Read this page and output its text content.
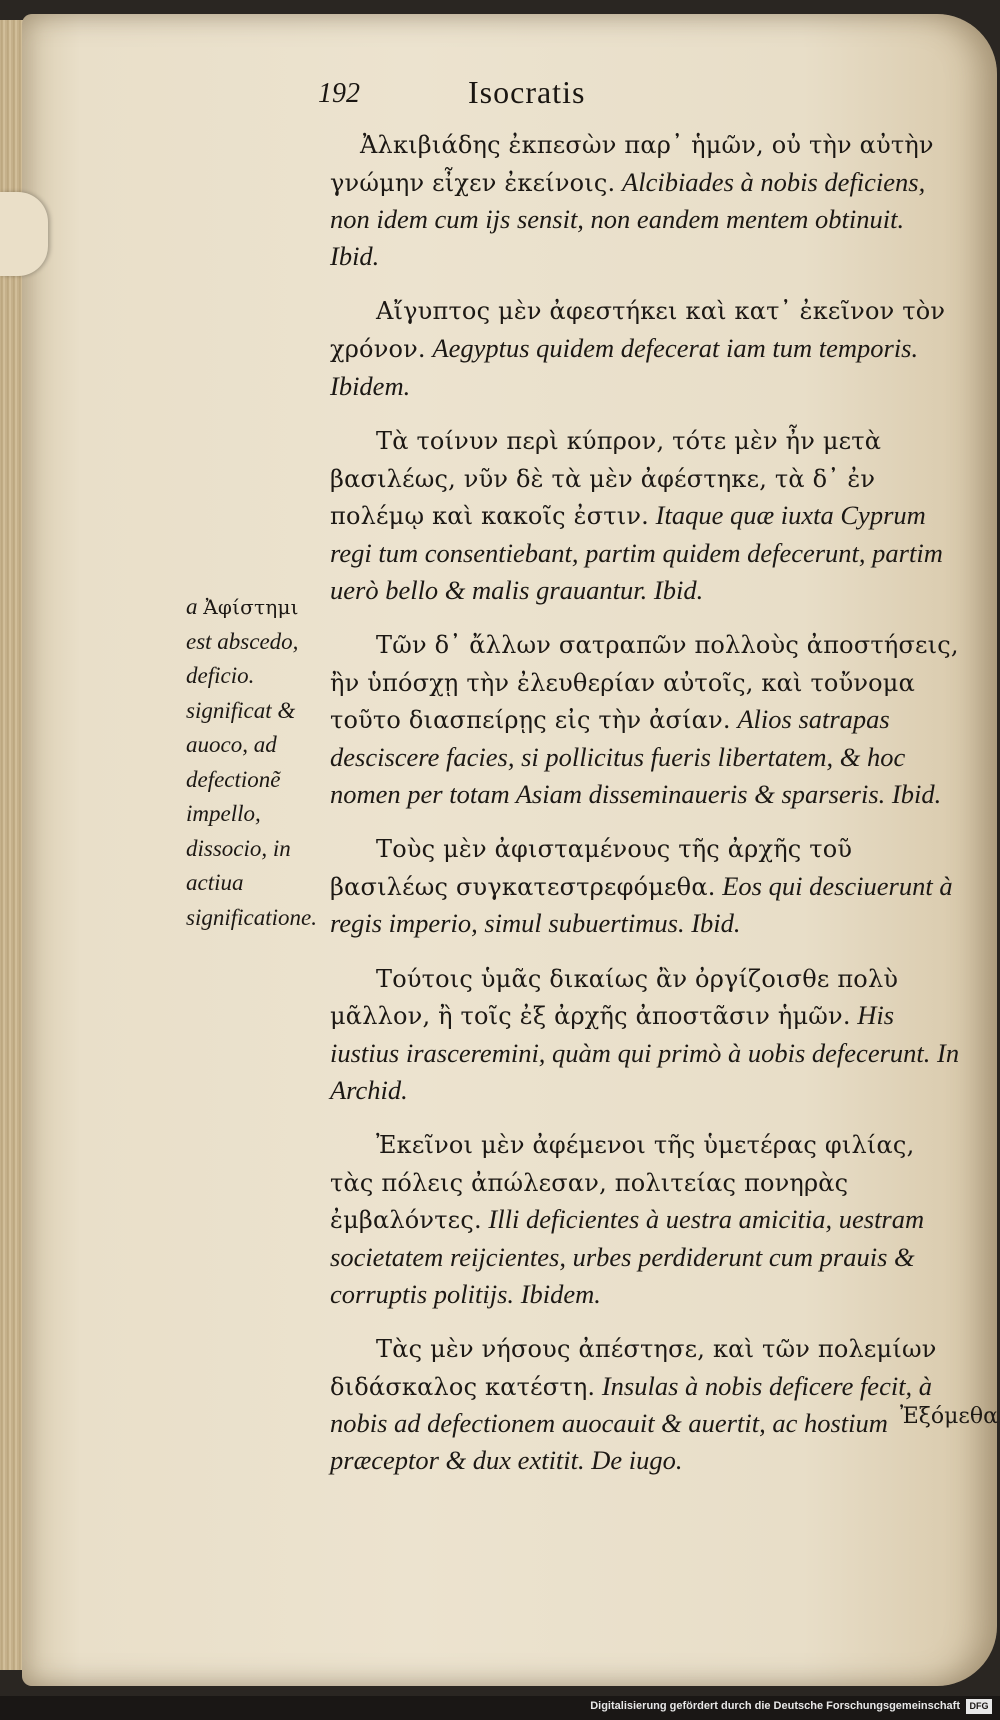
192	Isocratis
a Ἀφίστημι est abscedo, deficio. significat & auoco, ad defectionẽ impello, dissocio, in actiua significatione.

Ἀλκιβιάδης ἐκπεσὼν παρ᾽ ἡμῶν, οὐ τὴν αὐτὴν γνώμην εἶχεν ἐκείνοις. Alcibiades à nobis deficiens, non idem cum ijs sensit, non eandem mentem obtinuit. Ibid.

Αἴγυπτος μὲν ἀφεστήκει καὶ κατ᾽ ἐκεῖνον τὸν χρόνον. Aegyptus quidem defecerat iam tum temporis. Ibidem.

Τὰ τοίνυν περὶ κύπρον, τότε μὲν ἦν μετὰ βασιλέως, νῦν δὲ τὰ μὲν ἀφέστηκε, τὰ δ᾽ ἐν πολέμῳ καὶ κακοῖς ἐστιν. Itaque quæ iuxta Cyprum regi tum consentiebant, partim quidem defecerunt, partim uerò bello & malis grauantur. Ibid.

Τῶν δ᾽ ἄλλων σατραπῶν πολλοὺς ἀποστήσεις, ἢν ὑπόσχῃ τὴν ἐλευθερίαν αὐτοῖς, καὶ τοὔνομα τοῦτο διασπείρῃς εἰς τὴν ἀσίαν. Alios satrapas desciscere facies, si pollicitus fueris libertatem, & hoc nomen per totam Asiam disseminaueris & sparseris. Ibid.

Τοὺς μὲν ἀφισταμένους τῆς ἀρχῆς τοῦ βασιλέως συγκατεστρεφόμεθα. Eos qui desciuerunt à regis imperio, simul subuertimus. Ibid.

Τούτοις ὑμᾶς δικαίως ἂν ὀργίζοισθε πολὺ μᾶλλον, ἢ τοῖς ἐξ ἀρχῆς ἀποστᾶσιν ἡμῶν. His iustius irasceremini, quàm qui primò à uobis defecerunt. In Archid.

Ἐκεῖνοι μὲν ἀφέμενοι τῆς ὑμετέρας φιλίας, τὰς πόλεις ἀπώλεσαν, πολιτείας πονηρὰς ἐμβαλόντες. Illi deficientes à uestra amicitia, uestram societatem reijcientes, urbes perdiderunt cum prauis & corruptis politijs. Ibidem.

Τὰς μὲν νήσους ἀπέστησε, καὶ τῶν πολεμίων διδάσκαλος κατέστη. Insulas à nobis deficere fecit, à nobis ad defectionem auocauit & auertit, ac hostium præceptor & dux extitit. De iugo.

Ἐξόμεθα
Digitalisierung gefördert durch die Deutsche Forschungsgemeinschaft	DFG
